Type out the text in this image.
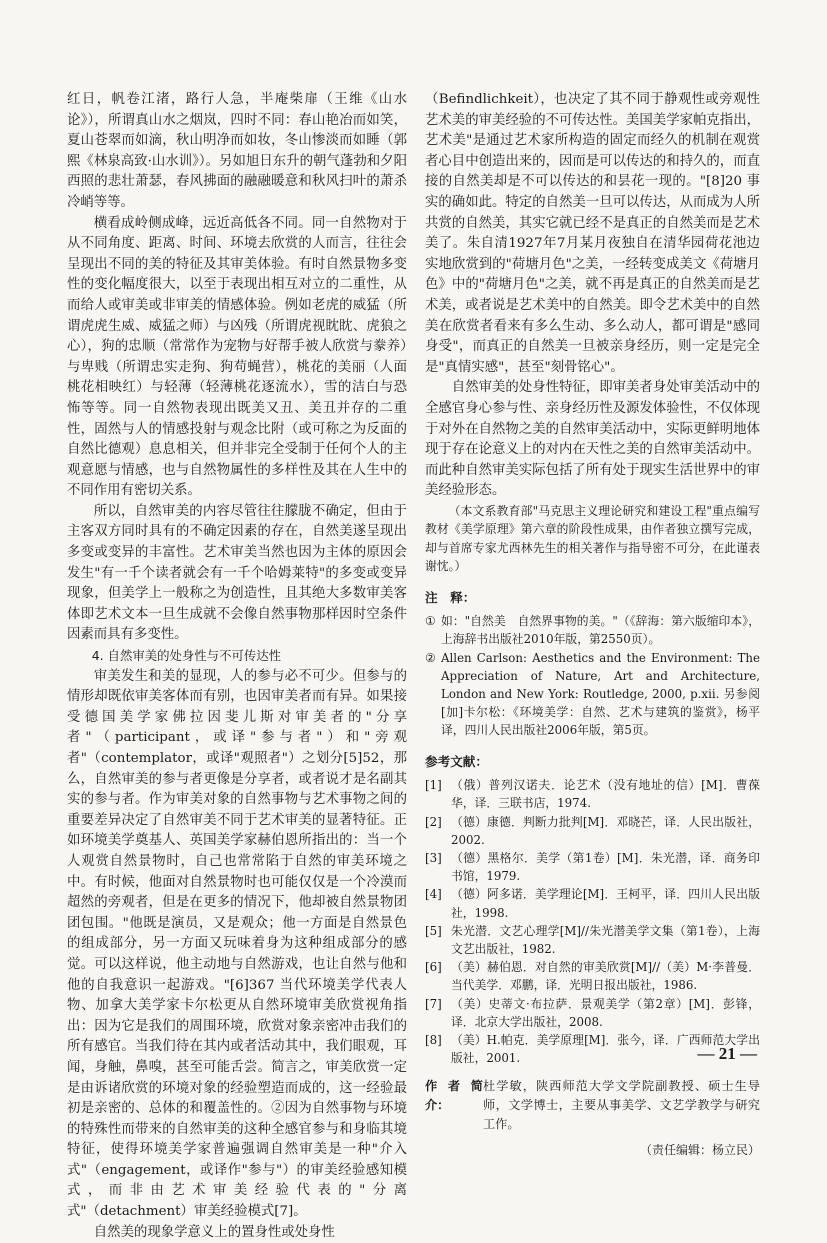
红日，帆卷江渚，路行人急，半庵柴扉（王维《山水论》），所谓真山水之烟岚，四时不同：春山艳冶而如笑，夏山苍翠而如滴，秋山明净而如妆，冬山惨淡而如睡（郭熙《林泉高致·山水训》）。另如旭日东升的朝气蓬勃和夕阳西照的悲壮萧瑟，春风拂面的融融暖意和秋风扫叶的萧杀冷峭等等。

横看成岭侧成峰，远近高低各不同。同一自然物对于从不同角度、距离、时间、环境去欣赏的人而言，往往会呈现出不同的美的特征及其审美体验。有时自然景物多变性的变化幅度很大，以至于表现出相互对立的二重性，从而给人或审美或非审美的情感体验。例如老虎的威猛（所谓虎虎生威、威猛之师）与凶残（所谓虎视眈眈、虎狼之心），狗的忠顺（常常作为宠物与好帮手被人欣赏与豢养）与卑贱（所谓忠实走狗、狗苟蝇营），桃花的美丽（人面桃花相映红）与轻薄（轻薄桃花逐流水），雪的洁白与恐怖等等。同一自然物表现出既美又丑、美丑并存的二重性，固然与人的情感投射与观念比附（或可称之为反面的自然比德观）息息相关，但并非完全受制于任何个人的主观意愿与情感，也与自然物属性的多样性及其在人生中的不同作用有密切关系。

所以，自然审美的内容尽管往往朦胧不确定，但由于主客双方同时具有的不确定因素的存在，自然美遂呈现出多变或变异的丰富性。艺术审美当然也因为主体的原因会发生"有一千个读者就会有一千个哈姆莱特"的多变或变异现象，但美学上一般称之为创造性，且其绝大多数审美客体即艺术文本一旦生成就不会像自然事物那样因时空条件因素而具有多变性。

4. 自然审美的处身性与不可传达性

审美发生和美的显现，人的参与必不可少。但参与的情形却既依审美客体而有别，也因审美者而有异。如果接受德国美学家佛拉因斐儿斯对审美者的"分享者"（participant，或译"参与者"）和"旁观者"（contemplator，或译"观照者"）之划分[5]52，那么，自然审美的参与者更像是分享者，或者说才是名副其实的参与者。作为审美对象的自然事物与艺术事物之间的重要差异决定了自然审美不同于艺术审美的显著特征。正如环境美学奠基人、英国美学家赫伯恩所指出的：当一个人观赏自然景物时，自己也常常陷于自然的审美环境之中。有时候，他面对自然景物时也可能仅仅是一个冷漠而超然的旁观者，但是在更多的情况下，他却被自然景物团团包围。"他既是演员，又是观众；他一方面是自然景色的组成部分，另一方面又玩味着身为这种组成部分的感觉。可以这样说，他主动地与自然游戏，也让自然与他和他的自我意识一起游戏。"[6]367 当代环境美学代表人物、加拿大美学家卡尔松更从自然环境审美欣赏视角指出：因为它是我们的周围环境，欣赏对象亲密冲击我们的所有感官。当我们待在其内或者活动其中，我们眼观，耳闻，身触，鼻嗅，甚至可能舌尝。简言之，审美欣赏一定是由诉诸欣赏的环境对象的经验塑造而成的，这一经验最初是亲密的、总体的和覆盖性的。②因为自然事物与环境的特殊性而带来的自然审美的这种全感官参与和身临其境特征，使得环境美学家普遍强调自然审美是一种"介入式"（engagement，或译作"参与"）的审美经验感知模式，而非由艺术审美经验代表的"分离式"（detachment）审美经验模式[7]。

自然美的现象学意义上的置身性或处身性

（Befindlichkeit），也决定了其不同于静观性或旁观性艺术美的审美经验的不可传达性。美国美学家帕克指出，艺术美"是通过艺术家所构造的固定而经久的机制在观赏者心目中创造出来的，因而是可以传达的和持久的，而直接的自然美却是不可以传达的和昙花一现的。"[8]20 事实的确如此。特定的自然美一旦可以传达，从而成为人所共赏的自然美，其实它就已经不是真正的自然美而是艺术美了。朱自清1927年7月某月夜独自在清华园荷花池边实地欣赏到的"荷塘月色"之美，一经转变成美文《荷塘月色》中的"荷塘月色"之美，就不再是真正的自然美而是艺术美，或者说是艺术美中的自然美。即令艺术美中的自然美在欣赏者看来有多么生动、多么动人，都可谓是"感同身受"，而真正的自然美一旦被亲身经历，则一定是完全是"真情实感"，甚至"刻骨铭心"。

自然审美的处身性特征，即审美者身处审美活动中的全感官身心参与性、亲身经历性及源发体验性，不仅体现于对外在自然物之美的自然审美活动中，实际更鲜明地体现于存在论意义上的对内在天性之美的自然审美活动中。而此种自然审美实际包括了所有处于现实生活世界中的审美经验形态。

（本文系教育部"马克思主义理论研究和建设工程"重点编写教材《美学原理》第六章的阶段性成果，由作者独立撰写完成，却与首席专家尤西林先生的相关著作与指导密不可分，在此谨表谢忱。）

注　释：
① 如："自然美　自然界事物的美。"（《辞海：第六版缩印本》，上海辞书出版社2010年版，第2550页）。
② Allen Carlson: Aesthetics and the Environment: The Appreciation of Nature, Art and Architecture, London and New York: Routledge, 2000, p.xii. 另参阅[加]卡尔松：《环境美学：自然、艺术与建筑的鉴赏》，杨平译，四川人民出版社2006年版，第5页。
参考文献：
[1] （俄）普列汉诺夫．论艺术（没有地址的信）[M]．曹葆华，译．三联书店，1974.
[2] （德）康德．判断力批判[M]．邓晓芒，译．人民出版社，2002.
[3] （德）黑格尔．美学（第1卷）[M]．朱光潜，译．商务印书馆，1979.
[4] （德）阿多诺．美学理论[M]．王柯平，译．四川人民出版社，1998.
[5] 朱光潜．文艺心理学[M]//朱光潜美学文集（第1卷），上海文艺出版社，1982.
[6] （美）赫伯恩．对自然的审美欣赏[M]//（美）M·李普曼．当代美学．邓鹏，译．光明日报出版社，1986.
[7] （美）史蒂文·布拉萨．景观美学（第2章）[M]．彭锋，译．北京大学出版社，2008.
[8] （美）H.帕克．美学原理[M]．张今，译．广西师范大学出版社，2001.
作者简介：
杜学敏，陕西师范大学文学院副教授、硕士生导师，文学博士，主要从事美学、文艺学教学与研究工作。
（责任编辑：杨立民）
— 21 —
